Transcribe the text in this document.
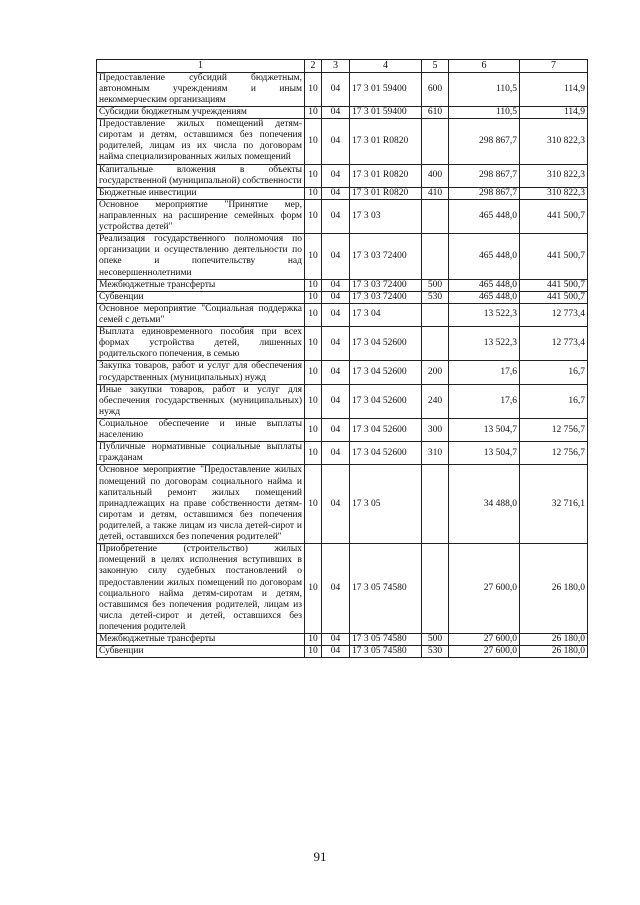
1	2	3	4	5	6	7
Предоставление субсидий бюджетным, автономным учреждениям и иным некоммерческим организациям	10	04	17 3 01 59400	600	110,5	114,9
Субсидии бюджетным учреждениям	10	04	17 3 01 59400	610	110,5	114,9
Предоставление жилых помещений детям-сиротам и детям, оставшимся без попечения родителей, лицам из их числа по договорам найма специализированных жилых помещений	10	04	17 3 01 R0820		298 867,7	310 822,3
Капитальные вложения в объекты государственной (муниципальной) собственности	10	04	17 3 01 R0820	400	298 867,7	310 822,3
Бюджетные инвестиции	10	04	17 3 01 R0820	410	298 867,7	310 822,3
Основное мероприятие "Принятие мер, направленных на расширение семейных форм устройства детей"	10	04	17 3 03		465 448,0	441 500,7
Реализация государственного полномочия по организации и осуществлению деятельности по опеке и попечительству над несовершеннолетними	10	04	17 3 03 72400		465 448,0	441 500,7
Межбюджетные трансферты	10	04	17 3 03 72400	500	465 448,0	441 500,7
Субвенции	10	04	17 3 03 72400	530	465 448,0	441 500,7
Основное мероприятие "Социальная поддержка семей с детьми"	10	04	17 3 04		13 522,3	12 773,4
Выплата единовременного пособия при всех формах устройства детей, лишенных родительского попечения, в семью	10	04	17 3 04 52600		13 522,3	12 773,4
Закупка товаров, работ и услуг для обеспечения государственных (муниципальных) нужд	10	04	17 3 04 52600	200	17,6	16,7
Иные закупки товаров, работ и услуг для обеспечения государственных (муниципальных) нужд	10	04	17 3 04 52600	240	17,6	16,7
Социальное обеспечение и иные выплаты населению	10	04	17 3 04 52600	300	13 504,7	12 756,7
Публичные нормативные социальные выплаты гражданам	10	04	17 3 04 52600	310	13 504,7	12 756,7
Основное мероприятие "Предоставление жилых помещений по договорам социального найма и капитальный ремонт жилых помещений принадлежащих на праве собственности детям-сиротам и детям, оставшимся без попечения родителей, а также лицам из числа детей-сирот и детей, оставшихся без попечения родителей"	10	04	17 3 05		34 488,0	32 716,1
Приобретение (строительство) жилых помещений в целях исполнения вступивших в законную силу судебных постановлений о предоставлении жилых помещений по договорам социального найма детям-сиротам и детям, оставшимся без попечения родителей, лицам из числа детей-сирот и детей, оставшихся без попечения родителей	10	04	17 3 05 74580		27 600,0	26 180,0
Межбюджетные трансферты	10	04	17 3 05 74580	500	27 600,0	26 180,0
Субвенции	10	04	17 3 05 74580	530	27 600,0	26 180,0
91
